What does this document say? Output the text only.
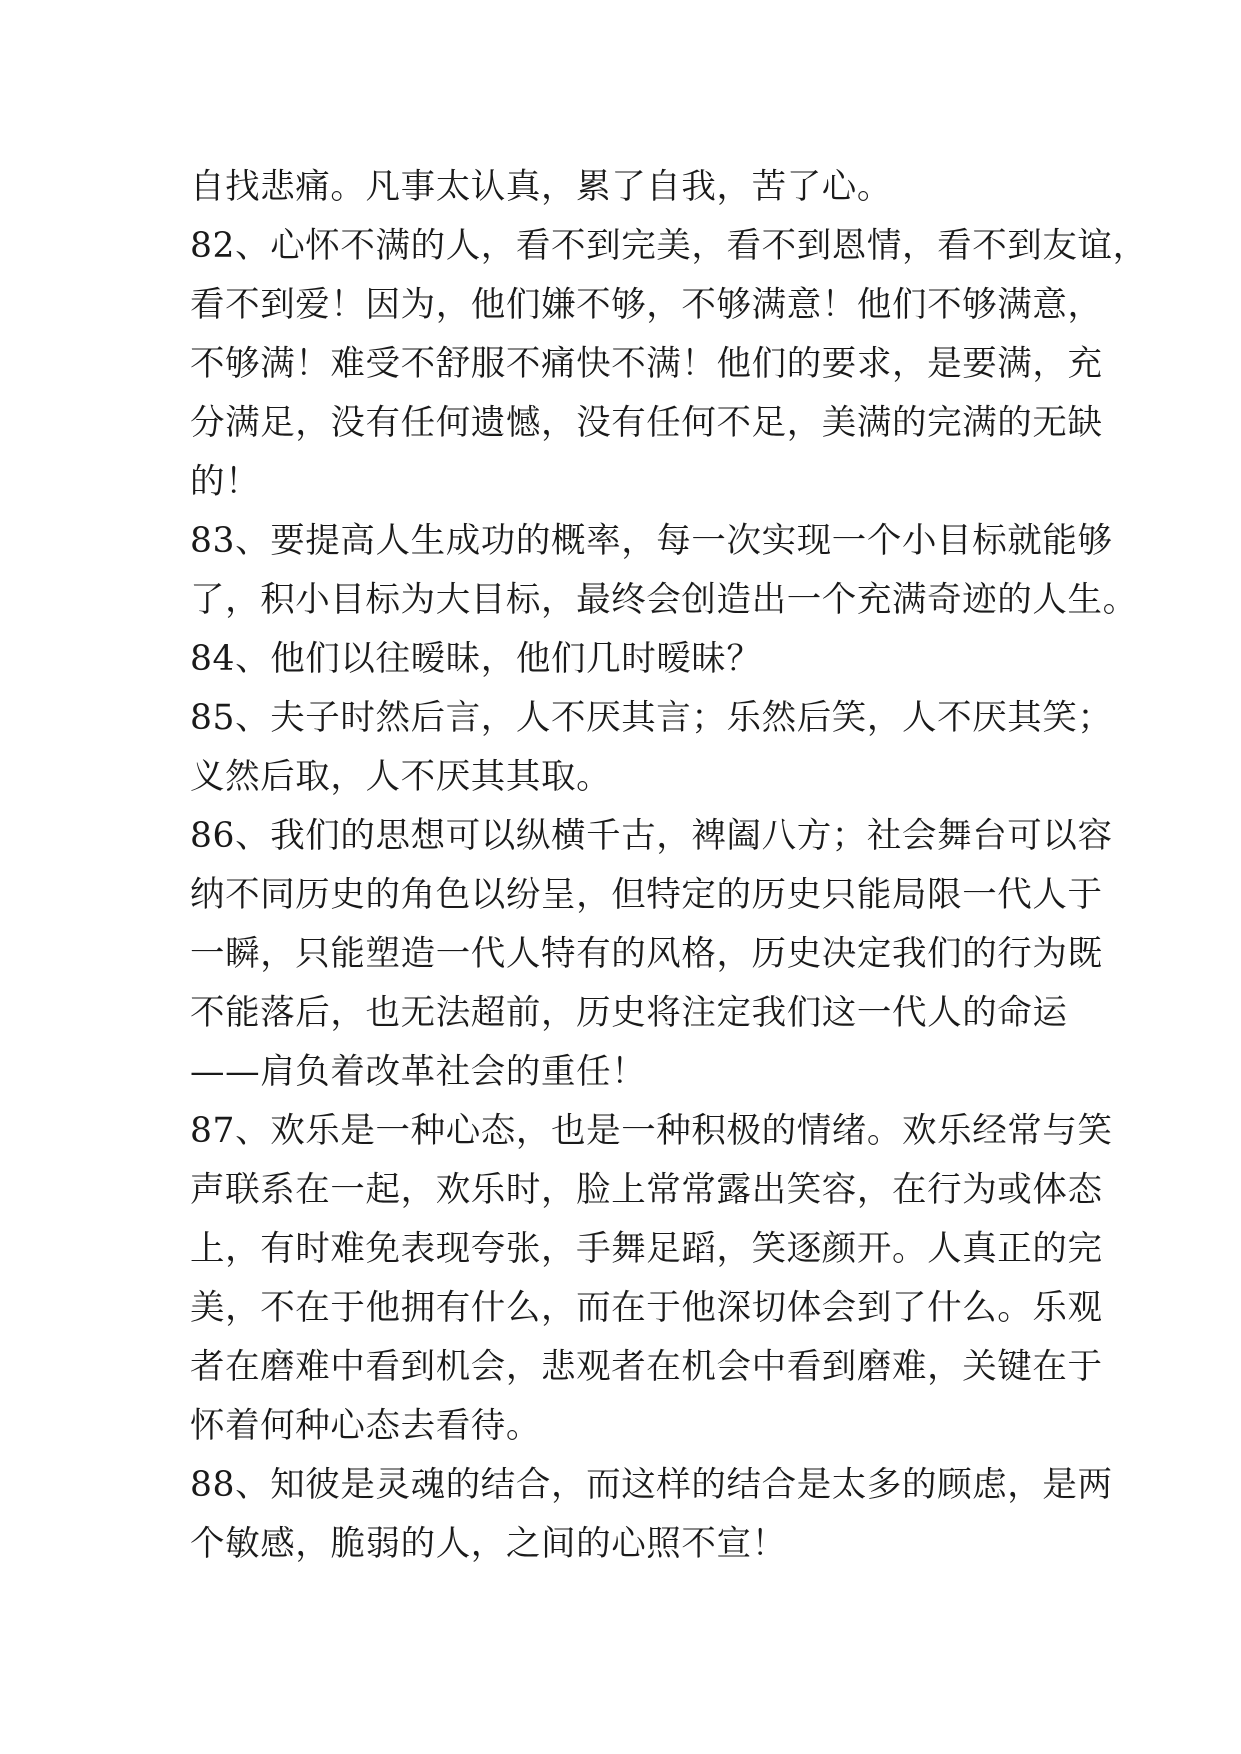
自找悲痛。凡事太认真，累了自我，苦了心。
82、心怀不满的人，看不到完美，看不到恩情，看不到友谊，
看不到爱！因为，他们嫌不够，不够满意！他们不够满意，
不够满！难受不舒服不痛快不满！他们的要求，是要满，充
分满足，没有任何遗憾，没有任何不足，美满的完满的无缺
的！
83、要提高人生成功的概率，每一次实现一个小目标就能够
了，积小目标为大目标，最终会创造出一个充满奇迹的人生。
84、他们以往暧昧，他们几时暧昧？
85、夫子时然后言，人不厌其言；乐然后笑，人不厌其笑；
义然后取，人不厌其其取。
86、我们的思想可以纵横千古，裨阖八方；社会舞台可以容
纳不同历史的角色以纷呈，但特定的历史只能局限一代人于
一瞬，只能塑造一代人特有的风格，历史决定我们的行为既
不能落后，也无法超前，历史将注定我们这一代人的命运
——肩负着改革社会的重任！
87、欢乐是一种心态，也是一种积极的情绪。欢乐经常与笑
声联系在一起，欢乐时，脸上常常露出笑容，在行为或体态
上，有时难免表现夸张，手舞足蹈，笑逐颜开。人真正的完
美，不在于他拥有什么，而在于他深切体会到了什么。乐观
者在磨难中看到机会，悲观者在机会中看到磨难，关键在于
怀着何种心态去看待。
88、知彼是灵魂的结合，而这样的结合是太多的顾虑，是两
个敏感，脆弱的人，之间的心照不宣！
